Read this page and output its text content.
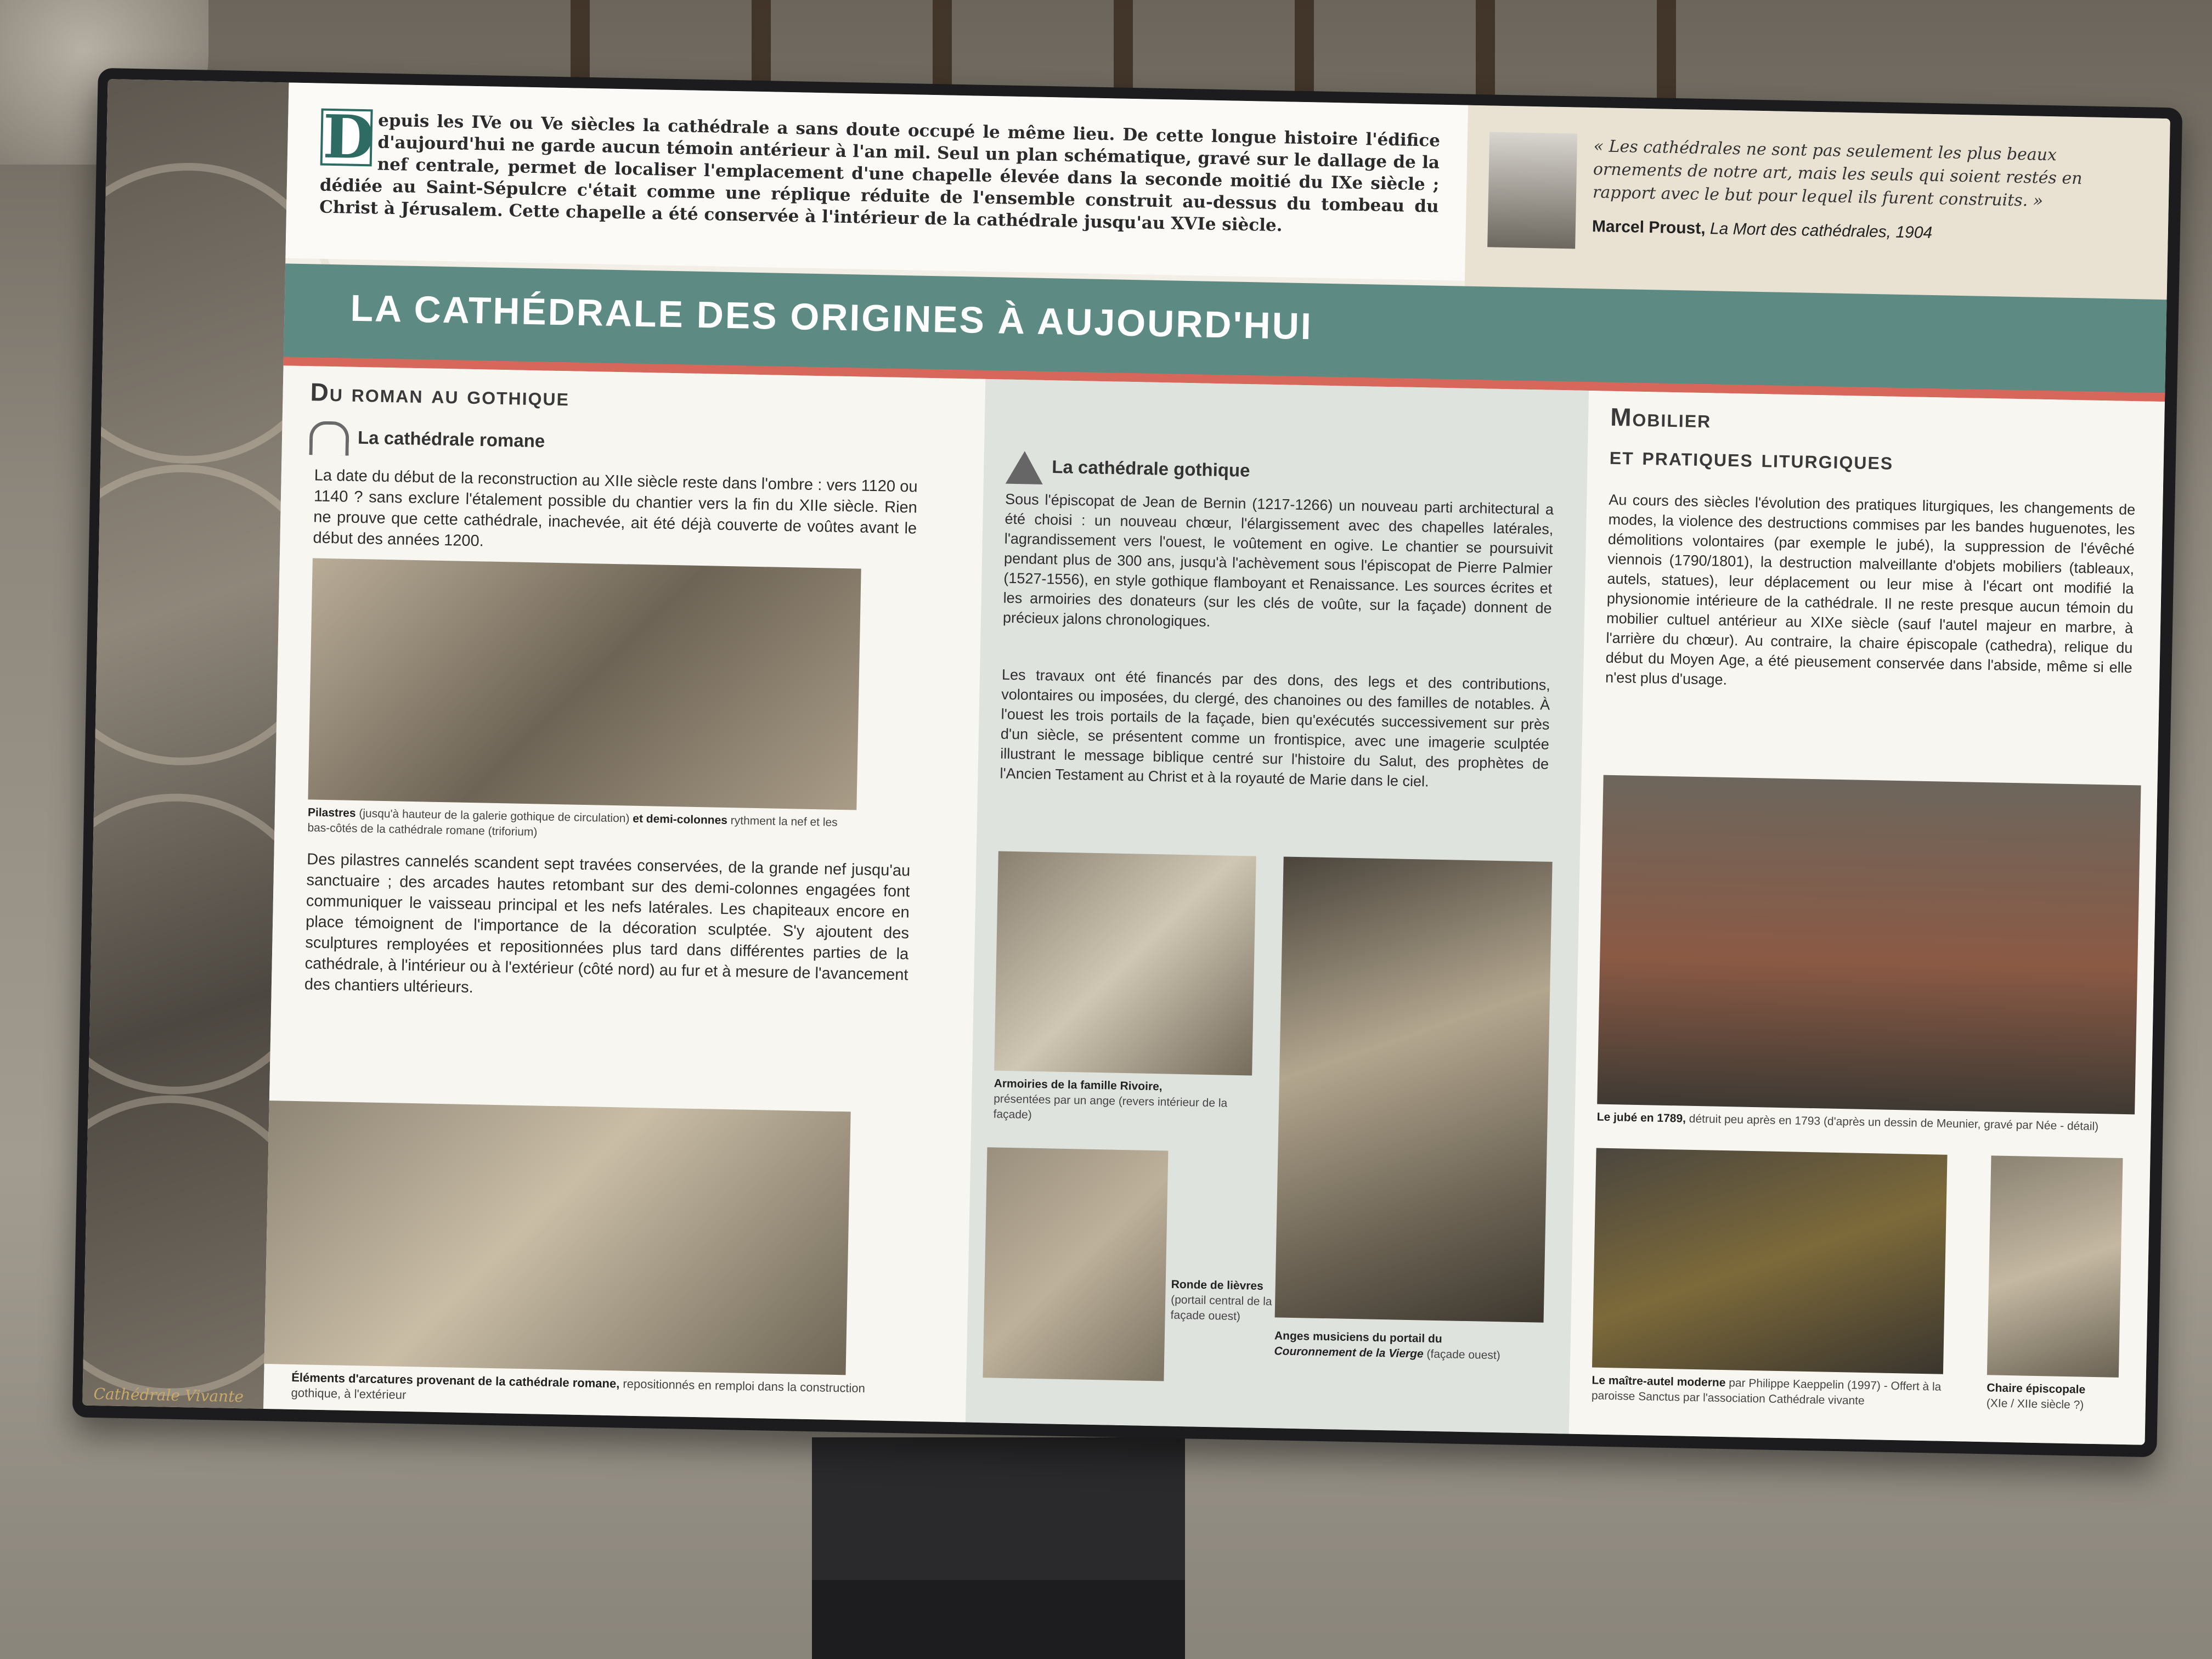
Cathédrale Vivante
D epuis les IVe ou Ve siècles la cathédrale a sans doute occupé le même lieu. De cette longue histoire l'édifice d'aujourd'hui ne garde aucun témoin antérieur à l'an mil. Seul un plan schématique, gravé sur le dallage de la nef centrale, permet de localiser l'emplacement d'une chapelle élevée dans la seconde moitié du IXe siècle ; dédiée au Saint-Sépulcre c'était comme une réplique réduite de l'ensemble construit au-dessus du tombeau du Christ à Jérusalem. Cette chapelle a été conservée à l'intérieur de la cathédrale jusqu'au XVIe siècle.
« Les cathédrales ne sont pas seulement les plus beaux ornements de notre art, mais les seuls qui soient restés en rapport avec le but pour lequel ils furent construits. »
Marcel Proust, La Mort des cathédrales, 1904
LA CATHÉDRALE DES ORIGINES À AUJOURD'HUI
Du roman au gothique
La cathédrale romane
La date du début de la reconstruction au XIIe siècle reste dans l'ombre : vers 1120 ou 1140 ? sans exclure l'étalement possible du chantier vers la fin du XIIe siècle. Rien ne prouve que cette cathédrale, inachevée, ait été déjà couverte de voûtes avant le début des années 1200.
Pilastres (jusqu'à hauteur de la galerie gothique de circulation) et demi-colonnes rythment la nef et les bas-côtés de la cathédrale romane (triforium)
Des pilastres cannelés scandent sept travées conservées, de la grande nef jusqu'au sanctuaire ; des arcades hautes retombant sur des demi-colonnes engagées font communiquer le vaisseau principal et les nefs latérales. Les chapiteaux encore en place témoignent de l'importance de la décoration sculptée. S'y ajoutent des sculptures remployées et repositionnées plus tard dans différentes parties de la cathédrale, à l'intérieur ou à l'extérieur (côté nord) au fur et à mesure de l'avancement des chantiers ultérieurs.
Éléments d'arcatures provenant de la cathédrale romane, repositionnés en remploi dans la construction gothique, à l'extérieur
La cathédrale gothique
Sous l'épiscopat de Jean de Bernin (1217-1266) un nouveau parti architectural a été choisi : un nouveau chœur, l'élargissement avec des chapelles latérales, l'agrandissement vers l'ouest, le voûtement en ogive. Le chantier se poursuivit pendant plus de 300 ans, jusqu'à l'achèvement sous l'épiscopat de Pierre Palmier (1527-1556), en style gothique flamboyant et Renaissance. Les sources écrites et les armoiries des donateurs (sur les clés de voûte, sur la façade) donnent de précieux jalons chronologiques.
Les travaux ont été financés par des dons, des legs et des contributions, volontaires ou imposées, du clergé, des chanoines ou des familles de notables. À l'ouest les trois portails de la façade, bien qu'exécutés successivement sur près d'un siècle, se présentent comme un frontispice, avec une imagerie sculptée illustrant le message biblique centré sur l'histoire du Salut, des prophètes de l'Ancien Testament au Christ et à la royauté de Marie dans le ciel.
Armoiries de la famille Rivoire,
présentées par un ange (revers intérieur de la façade)
Ronde de lièvres
(portail central de la façade ouest)
Anges musiciens du portail du
Couronnement de la Vierge (façade ouest)
Mobilier
et pratiques liturgiques
Au cours des siècles l'évolution des pratiques liturgiques, les changements de modes, la violence des destructions commises par les bandes huguenotes, les démolitions volontaires (par exemple le jubé), la suppression de l'évêché viennois (1790/1801), la destruction malveillante d'objets mobiliers (tableaux, autels, statues), leur déplacement ou leur mise à l'écart ont modifié la physionomie intérieure de la cathédrale. Il ne reste presque aucun témoin du mobilier cultuel antérieur au XIXe siècle (sauf l'autel majeur en marbre, à l'arrière du chœur). Au contraire, la chaire épiscopale (cathedra), relique du début du Moyen Age, a été pieusement conservée dans l'abside, même si elle n'est plus d'usage.
Le jubé en 1789, détruit peu après en 1793 (d'après un dessin de Meunier, gravé par Née - détail)
Le maître-autel moderne par Philippe Kaeppelin (1997) - Offert à la paroisse Sanctus par l'association Cathédrale vivante
Chaire épiscopale
(XIe / XIIe siècle ?)
